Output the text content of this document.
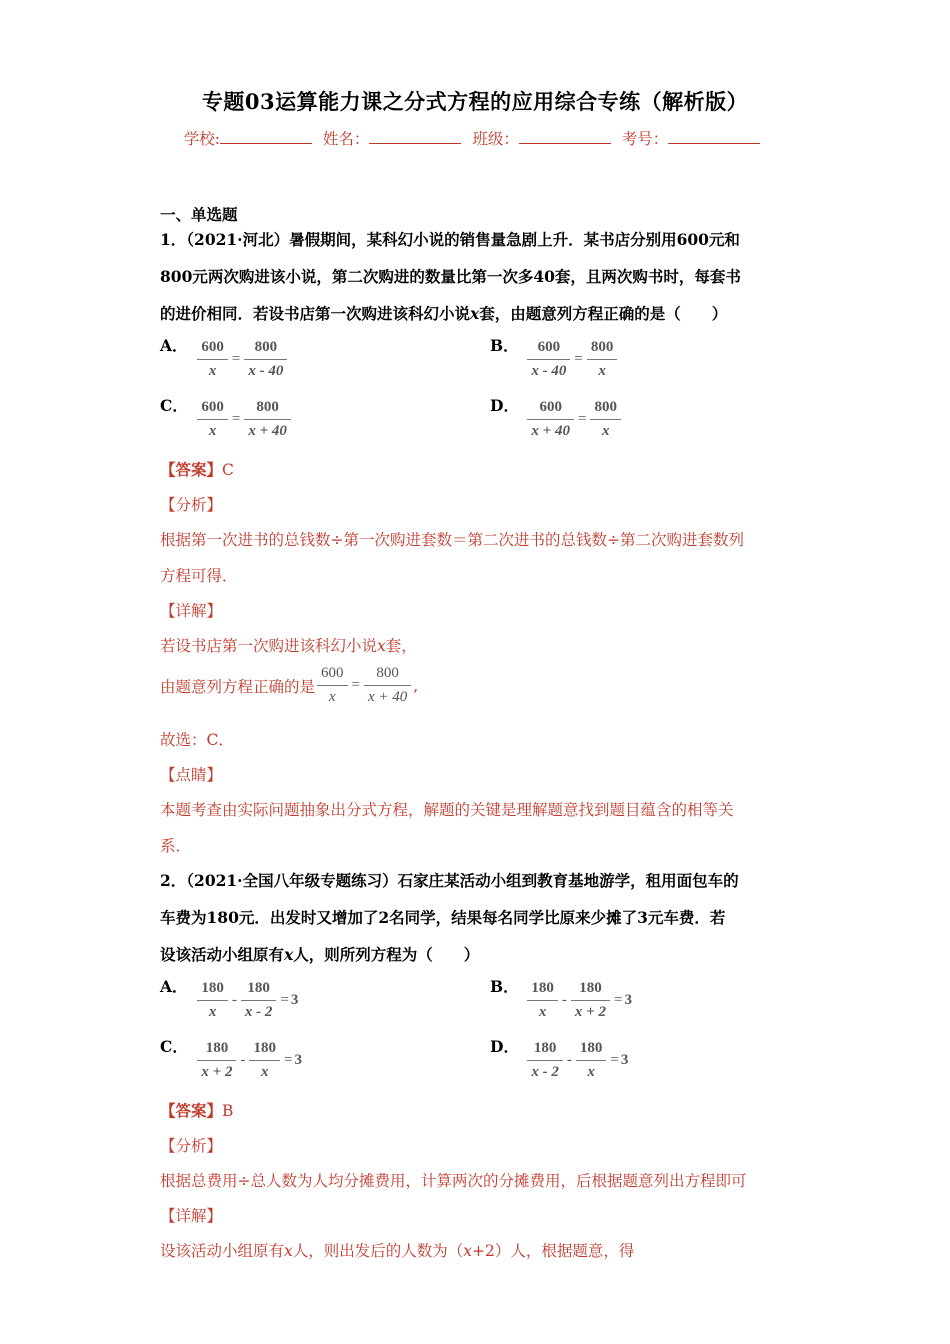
专题03运算能力课之分式方程的应用综合专练（解析版）
学校:	姓名：	班级：	考号：
一、单选题
1．（2021·河北）暑假期间，某科幻小说的销售量急剧上升．某书店分别用600元和
800元两次购进该小说，第二次购进的数量比第一次多40套，且两次购书时，每套书
的进价相同．若设书店第一次购进该科幻小说x套，由题意列方程正确的是（　　）
A． $\frac{600}{x} = \frac{800}{x - 40}$	B． $\frac{600}{x - 40} = \frac{800}{x}$
C． $\frac{600}{x} = \frac{800}{x + 40}$	D． $\frac{600}{x + 40} = \frac{800}{x}$
【答案】C
【分析】
根据第一次进书的总钱数÷第一次购进套数＝第二次进书的总钱数÷第二次购进套数列
方程可得．
【详解】
若设书店第一次购进该科幻小说x套，
由题意列方程正确的是 $\frac{600}{x} = \frac{800}{x + 40}$ ,
故选：C．
【点睛】
本题考查由实际问题抽象出分式方程，解题的关键是理解题意找到题目蕴含的相等关
系．
2．（2021·全国八年级专题练习）石家庄某活动小组到教育基地游学，租用面包车的
车费为180元．出发时又增加了2名同学，结果每名同学比原来少摊了3元车费．若
设该活动小组原有x人，则所列方程为（　　）
A． $\frac{180}{x} - \frac{180}{x - 2} = 3$
B． $\frac{180}{x} - \frac{180}{x + 2} = 3$
C． $\frac{180}{x + 2} - \frac{180}{x} = 3$
D． $\frac{180}{x - 2} - \frac{180}{x} = 3$
【答案】B
【分析】
根据总费用÷总人数为人均分摊费用，计算两次的分摊费用，后根据题意列出方程即可
【详解】
设该活动小组原有x人，则出发后的人数为（x+2）人，根据题意，得
